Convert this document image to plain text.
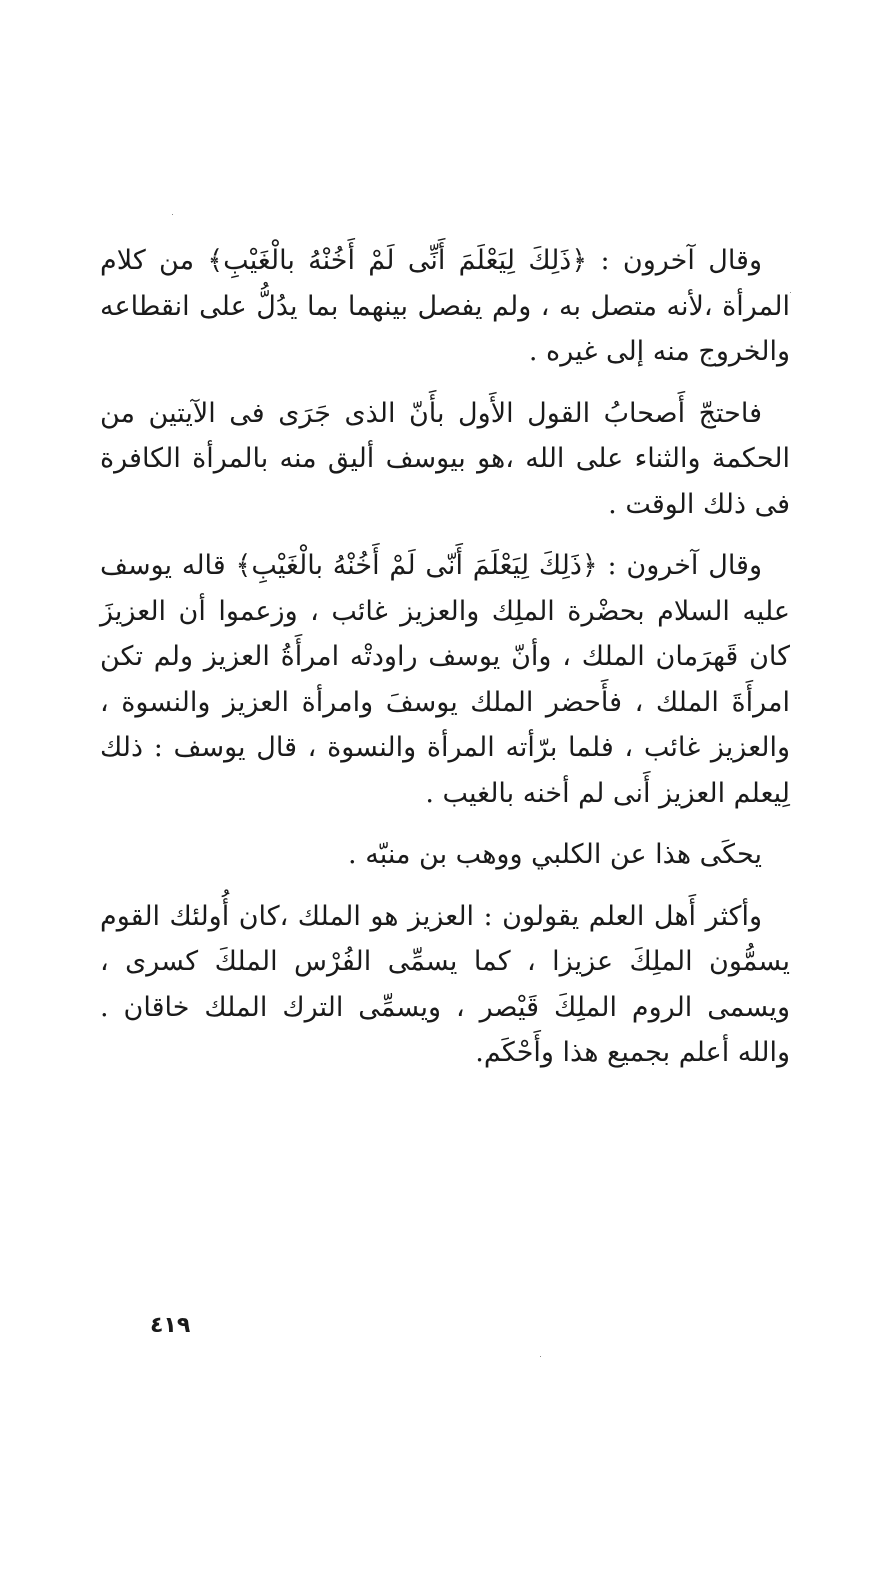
وقال آخرون : ﴿ذَلِكَ لِيَعْلَمَ أَنِّى لَمْ أَخُنْهُ بالْغَيْبِ﴾ من كلام المرأة ،لأنه متصل به ، ولم يفصل بينهما بما يدُلُّ على انقطاعه والخروج منه إلى غيره .

فاحتجّ أَصحابُ القول الأَول بأَنّ الذى جَرَى فى الآيتين من الحكمة والثناء على الله ،هو بيوسف أليق منه بالمرأة الكافرة فى ذلك الوقت .

وقال آخرون : ﴿ذَلِكَ لِيَعْلَمَ أَنّى لَمْ أَخُنْهُ بالْغَيْبِ﴾ قاله يوسف عليه السلام بحضْرة الملِك والعزيز غائب ، وزعموا أن العزيزَ كان قَهرَمان الملك ، وأنّ يوسف راودتْه امرأَةُ العزيز ولم تكن امرأَةَ الملك ، فأَحضر الملك يوسفَ وامرأة العزيز والنسوة ، والعزيز غائب ، فلما برّأته المرأة والنسوة ، قال يوسف : ذلك لِيعلم العزيز أَنى لم أخنه بالغيب .

يحكَى هذا عن الكلبي ووهب بن منبّه .

وأكثر أَهل العلم يقولون : العزيز هو الملك ،كان أُولئك القوم يسمُّون الملِكَ عزيزا ، كما يسمِّى الفُرْس الملكَ كسرى ، ويسمى الروم الملِكَ قَيْصر ، ويسمِّى الترك الملك خاقان . والله أعلم بجميع هذا وأَحْكَم.

٤١٩
